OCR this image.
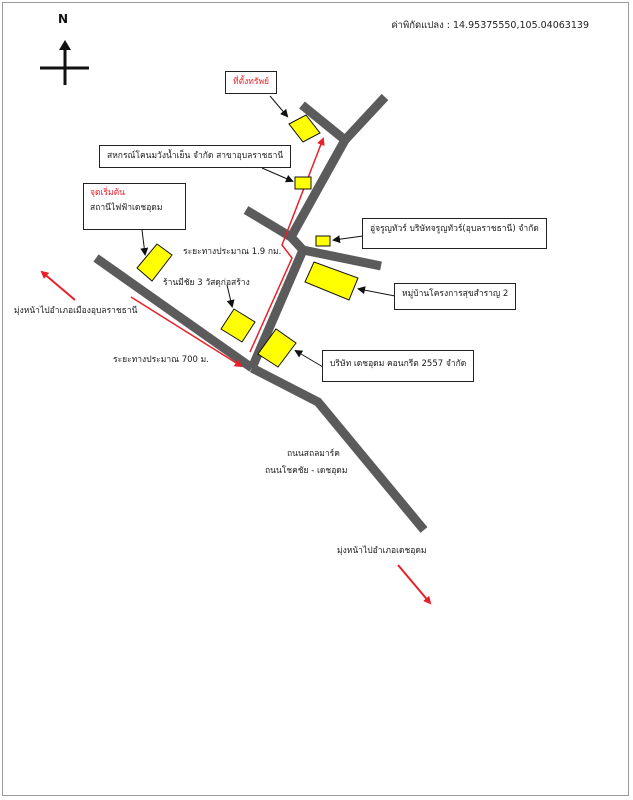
N	ค่าพิกัดแปลง : 14.95375550,105.04063139
ที่ตั้งทรัพย์
สหกรณ์โคนมวังน้ำเย็น จำกัด สาขาอุบลราชธานี
จุดเริ่มต้น
สถานีไฟฟ้าเดชอุดม
อู่จรูญทัวร์ บริษัทจรูญทัวร์(อุบลราชธานี) จำกัด
ระยะทางประมาณ 1.9 กม.
หมู่บ้านโครงการสุขสำราญ 2
ร้านมีชัย 3 วัสดุก่อสร้าง
มุ่งหน้าไปอำเภอเมืองอุบลราชธานี
ระยะทางประมาณ 700 ม.	บริษัท เดชอุดม คอนกรีต 2557 จำกัด
ถนนสถลมาร์ค
ถนนโชคชัย - เดชอุดม
มุ่งหน้าไปอำเภอเดชอุดม
